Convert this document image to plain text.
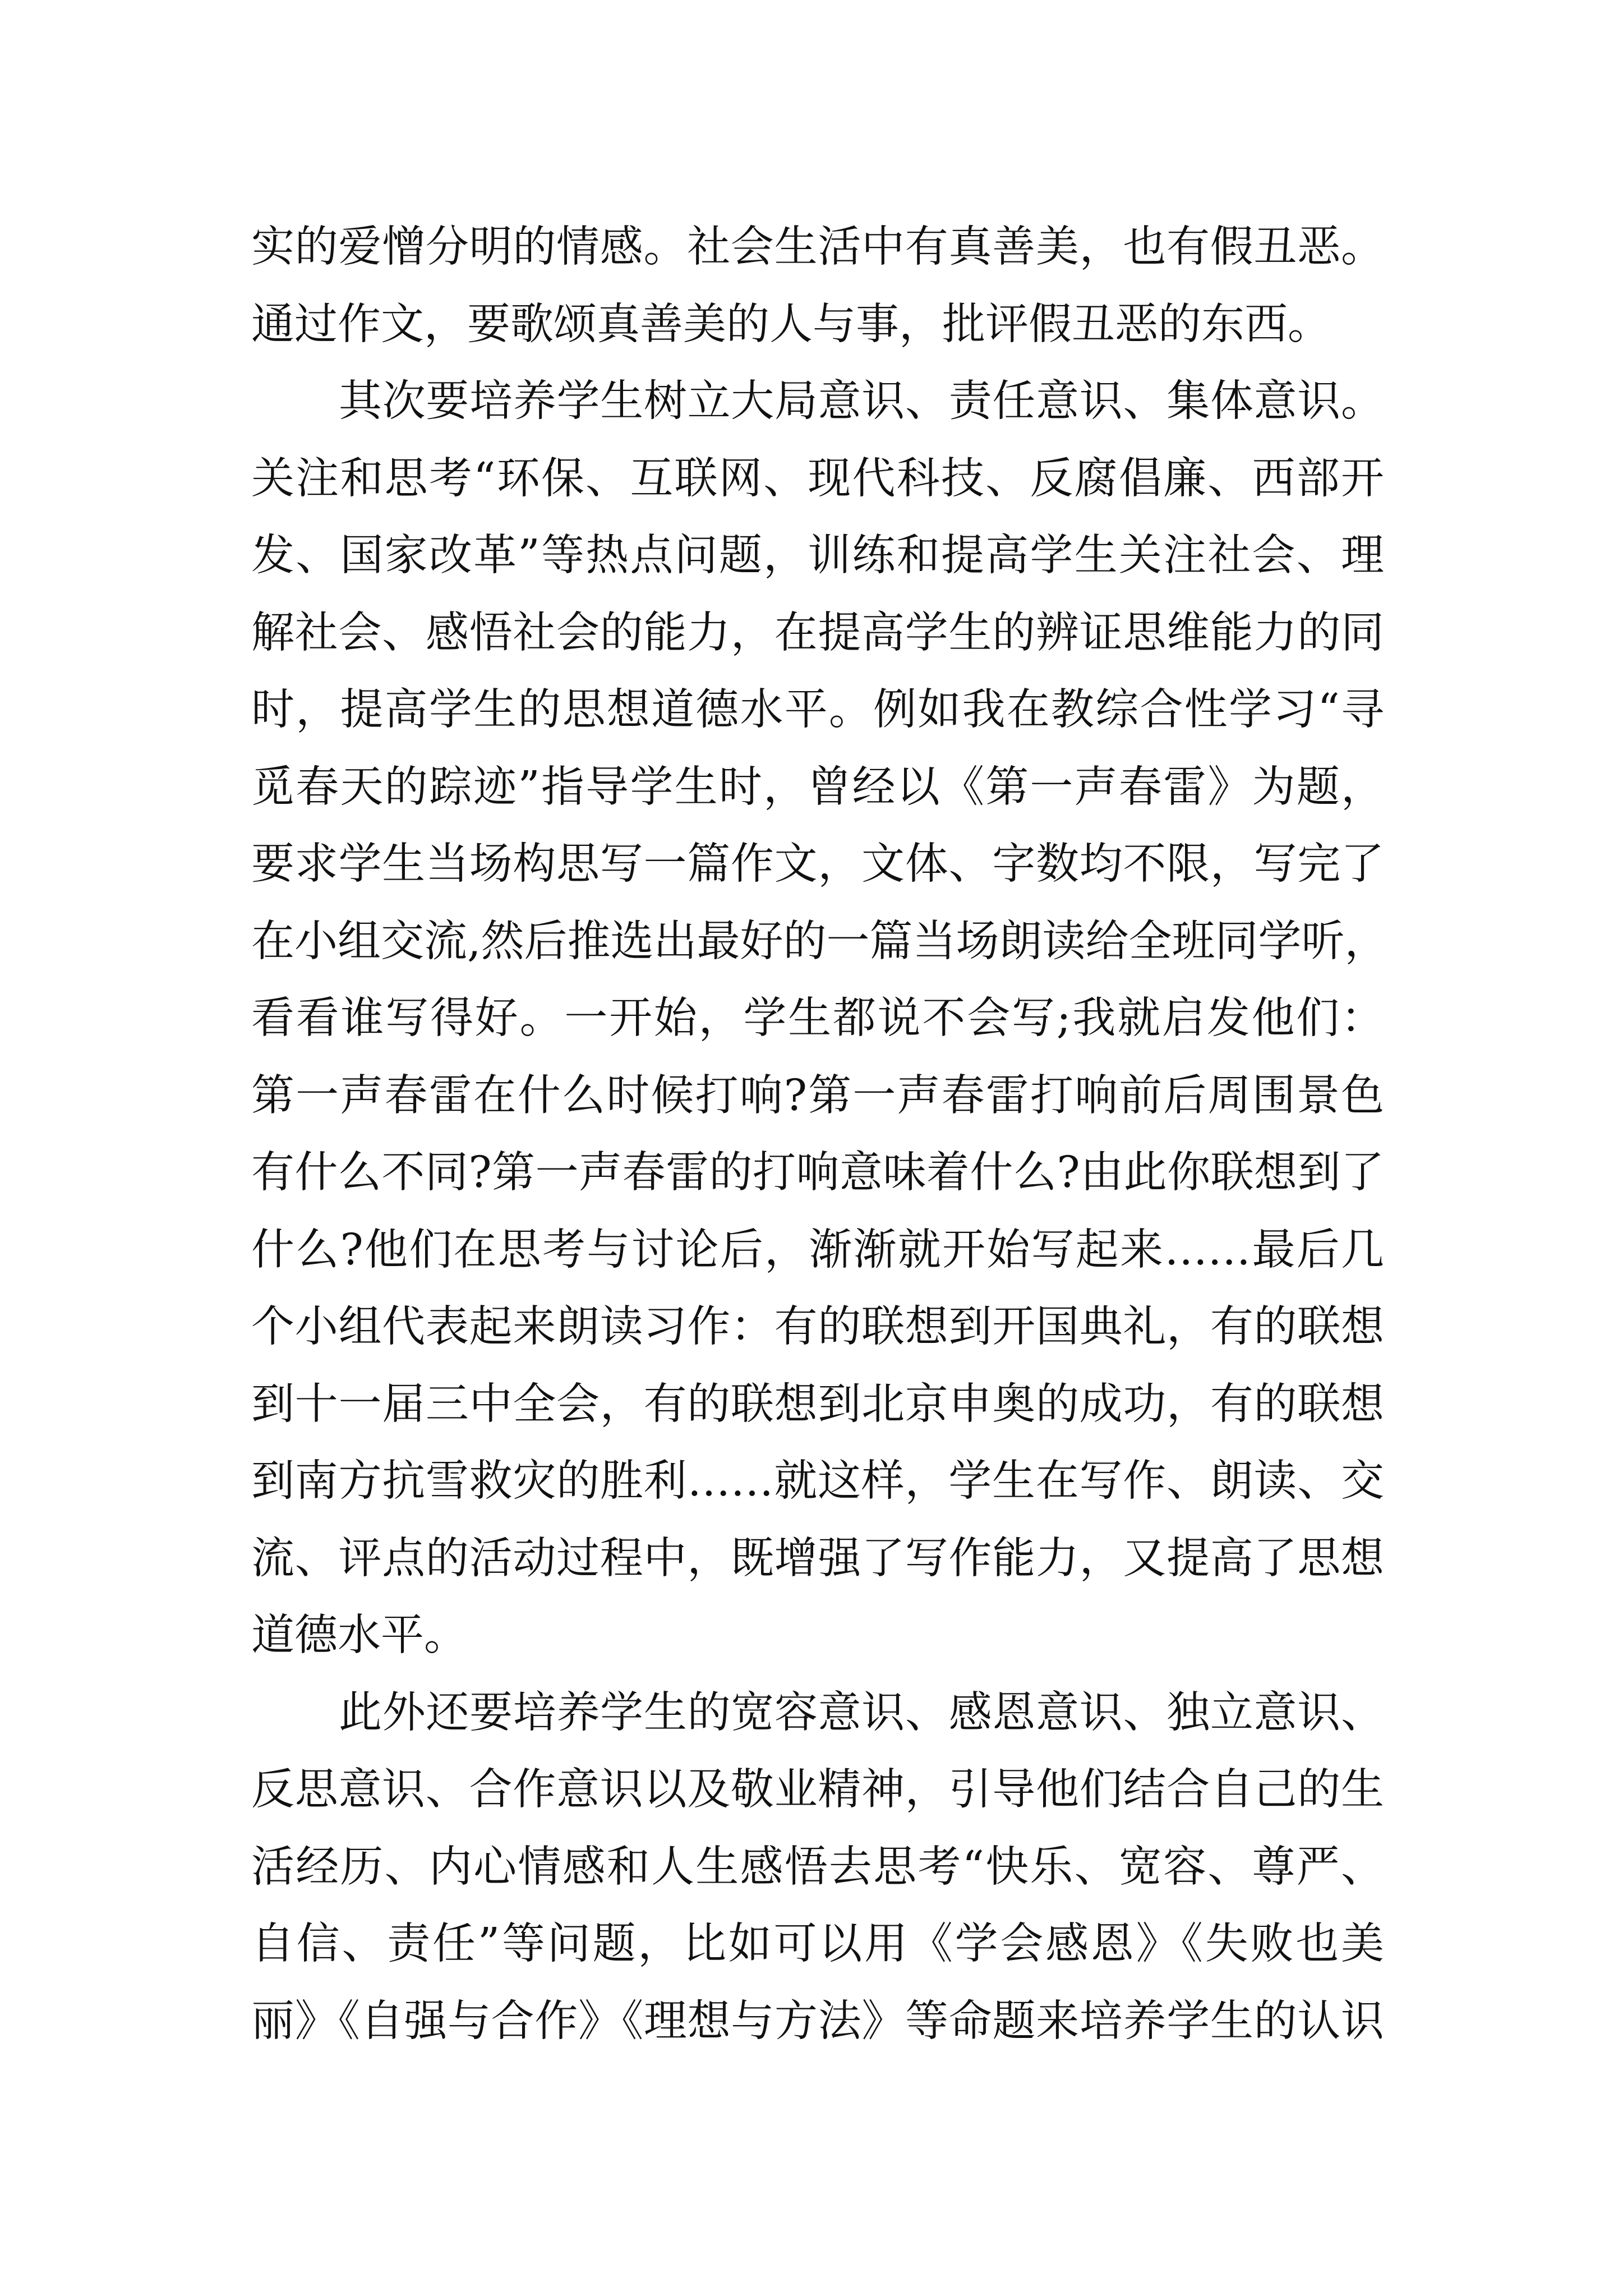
实的爱憎分明的情感。社会生活中有真善美，也有假丑恶。
通过作文，要歌颂真善美的人与事，批评假丑恶的东西。
其次要培养学生树立大局意识、责任意识、集体意识。
关注和思考“环保、互联网、现代科技、反腐倡廉、西部开
发、国家改革”等热点问题，训练和提高学生关注社会、理
解社会、感悟社会的能力，在提高学生的辨证思维能力的同
时，提高学生的思想道德水平。例如我在教综合性学习“寻
觅春天的踪迹”指导学生时，曾经以《第一声春雷》为题，
要求学生当场构思写一篇作文，文体、字数均不限，写完了
在小组交流,然后推选出最好的一篇当场朗读给全班同学听，
看看谁写得好。一开始，学生都说不会写;我就启发他们：
第一声春雷在什么时候打响?第一声春雷打响前后周围景色
有什么不同?第一声春雷的打响意味着什么?由此你联想到了
什么?他们在思考与讨论后，渐渐就开始写起来……最后几
个小组代表起来朗读习作：有的联想到开国典礼，有的联想
到十一届三中全会，有的联想到北京申奥的成功，有的联想
到南方抗雪救灾的胜利……就这样，学生在写作、朗读、交
流、评点的活动过程中，既增强了写作能力，又提高了思想
道德水平。
此外还要培养学生的宽容意识、感恩意识、独立意识、
反思意识、合作意识以及敬业精神，引导他们结合自己的生
活经历、内心情感和人生感悟去思考“快乐、宽容、尊严、
自信、责任”等问题，比如可以用《学会感恩》《失败也美
丽》《自强与合作》《理想与方法》等命题来培养学生的认识
